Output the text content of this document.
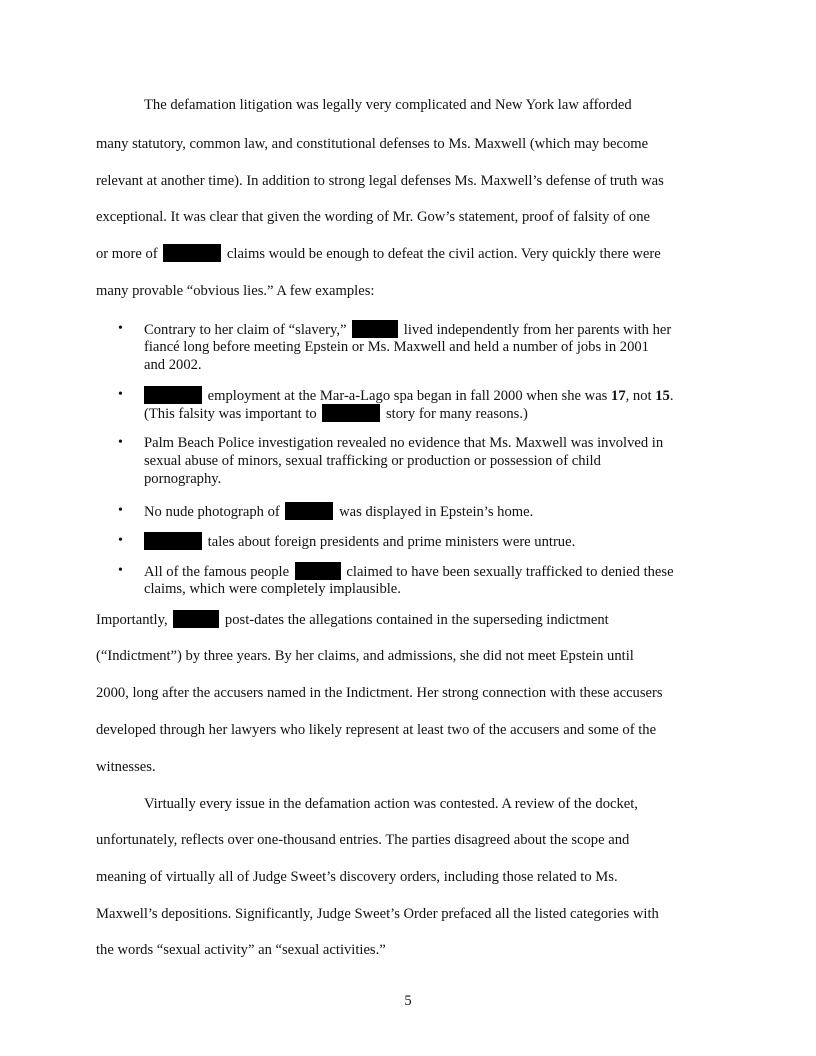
The defamation litigation was legally very complicated and New York law afforded
many statutory, common law, and constitutional defenses to Ms. Maxwell (which may become
relevant at another time). In addition to strong legal defenses Ms. Maxwell’s defense of truth was
exceptional. It was clear that given the wording of Mr. Gow’s statement, proof of falsity of one
or more of	claims would be enough to defeat the civil action. Very quickly there were
many provable “obvious lies.” A few examples:
•	Contrary to her claim of “slavery,”	lived independently from her parents with her
fiancé long before meeting Epstein or Ms. Maxwell and held a number of jobs in 2001
and 2002.
•	employment at the Mar-a-Lago spa began in fall 2000 when she was 17, not 15.
(This falsity was important to	story for many reasons.)
•	Palm Beach Police investigation revealed no evidence that Ms. Maxwell was involved in
sexual abuse of minors, sexual trafficking or production or possession of child
pornography.
•	No nude photograph of	was displayed in Epstein’s home.
•	tales about foreign presidents and prime ministers were untrue.
•	All of the famous people	claimed to have been sexually trafficked to denied these
claims, which were completely implausible.
Importantly,	post-dates the allegations contained in the superseding indictment
(“Indictment”) by three years. By her claims, and admissions, she did not meet Epstein until
2000, long after the accusers named in the Indictment. Her strong connection with these accusers
developed through her lawyers who likely represent at least two of the accusers and some of the
witnesses.
Virtually every issue in the defamation action was contested. A review of the docket,
unfortunately, reflects over one-thousand entries. The parties disagreed about the scope and
meaning of virtually all of Judge Sweet’s discovery orders, including those related to Ms.
Maxwell’s depositions. Significantly, Judge Sweet’s Order prefaced all the listed categories with
the words “sexual activity” an “sexual activities.”
5
